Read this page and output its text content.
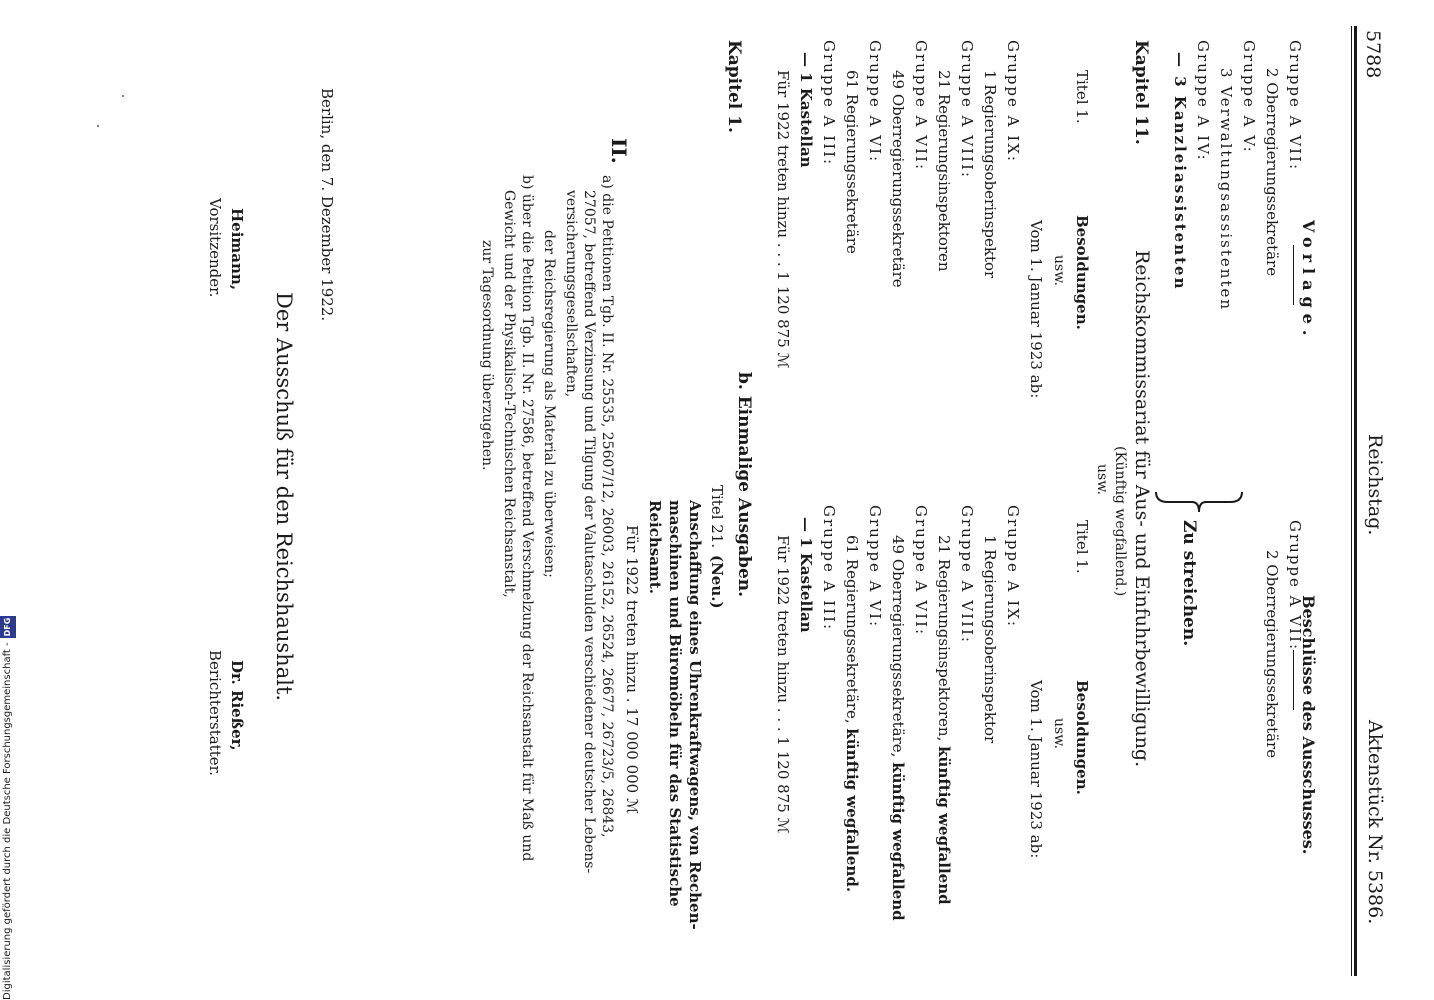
5788
Reichstag.
Aktenstück Nr. 5386.
Vorlage.
Beschlüsse des Ausschusses.
Gruppe A VII:
2 Oberregierungssekretäre
Gruppe A V:
3 Verwaltungsassistenten
Gruppe A IV:
— 3 Kanzleiassistenten
Gruppe A VII:
2 Oberregierungssekretäre
Zu streichen.
Kapitel 11.
Reichskommissariat für Aus- und Einfuhrbewilligung.
(Künftig wegfallend.)
usw.
Titel 1.
Besoldungen.
usw.
Vom 1. Januar 1923 ab:
Gruppe A IX:
1 Regierungsoberinspektor
Gruppe A VIII:
21 Regierungsinspektoren
Gruppe A VII:
49 Oberregierungssekretäre
Gruppe A VI:
61 Regierungssekretäre
Gruppe A III:
— 1 Kastellan
Für 1922 treten hinzu . . . 1 120 875 ℳ
Titel 1.
Besoldungen.
usw.
Vom 1. Januar 1923 ab:
Gruppe A IX:
1 Regierungsoberinspektor
Gruppe A VIII:
21 Regierungsinspektoren, künftig wegfallend
Gruppe A VII:
49 Oberregierungssekretäre, künftig wegfallend
Gruppe A VI:
61 Regierungssekretäre, künftig wegfallend.
Gruppe A III:
— 1 Kastellan
Für 1922 treten hinzu . . . 1 120 875 ℳ
Kapitel 1.
b. Einmalige Ausgaben.
Titel 21.
(Neu.)
Anschaffung eines Uhrenkraftwagens, von Rechen-
maschinen und Büromöbeln für das Statistische
Reichsamt.
Für 1922 treten hinzu . 17 000 000 ℳ
II.
a) die Petitionen Tgb. II. Nr. 25535, 25607/12, 26003, 26152, 26524, 26677, 26723/5, 26843,
27057, betreffend Verzinsung und Tilgung der Valutaschulden verschiedener deutscher Lebens-
versicherungsgesellschaften,
der Reichsregierung als Material zu überweisen;
b) über die Petition Tgb. II. Nr. 27586, betreffend Verschmelzung der Reichsanstalt für Maß und
Gewicht und der Physikalisch-Technischen Reichsanstalt,
zur Tagesordnung überzugehen.
Berlin, den 7. Dezember 1922.
Der Ausschuß für den Reichshaushalt.
Heimann,
Vorsitzender.
Dr. Rießer,
Berichterstatter.
Digitalisierung gefördert durch die Deutsche Forschungsgemeinschaft -DFG
